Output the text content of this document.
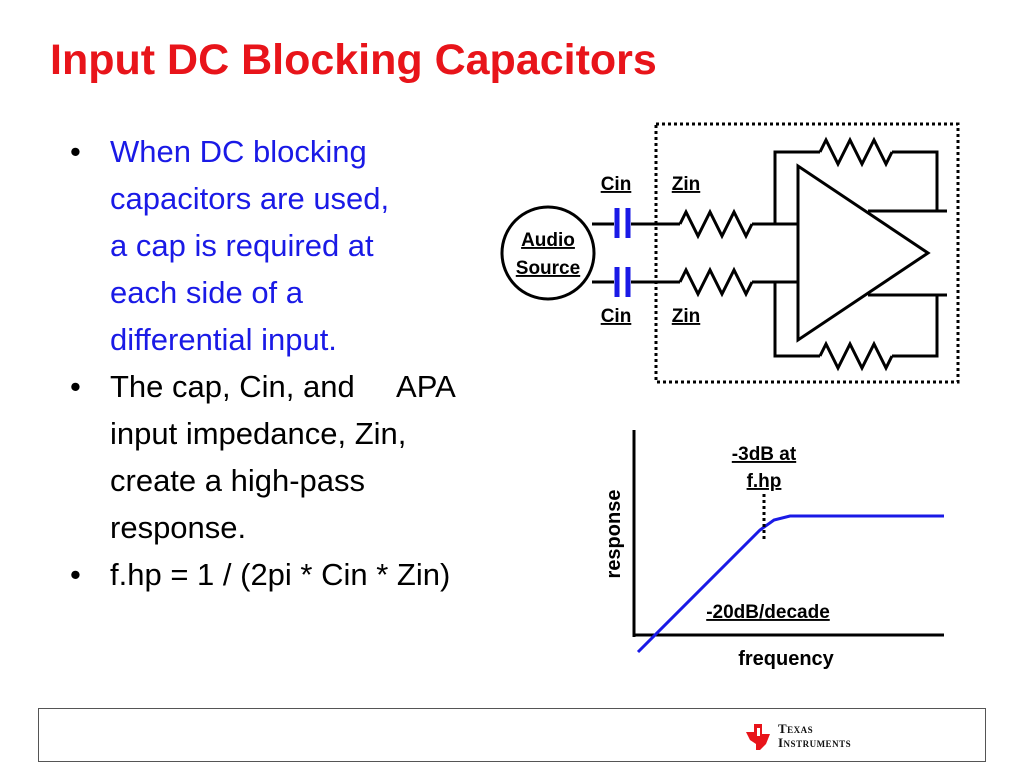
Input DC Blocking Capacitors
• When DC blocking
capacitors are used,
a cap is required at
each side of a
differential input.
• The cap, Cin, and     APA
input impedance, Zin,
create a high-pass
response.
• f.hp = 1 / (2pi * Cin * Zin)
Audio
Source
Cin Zin
Cin Zin
-3dB at
f.hp
-20dB/decade
response
frequency
Texas
Instruments
